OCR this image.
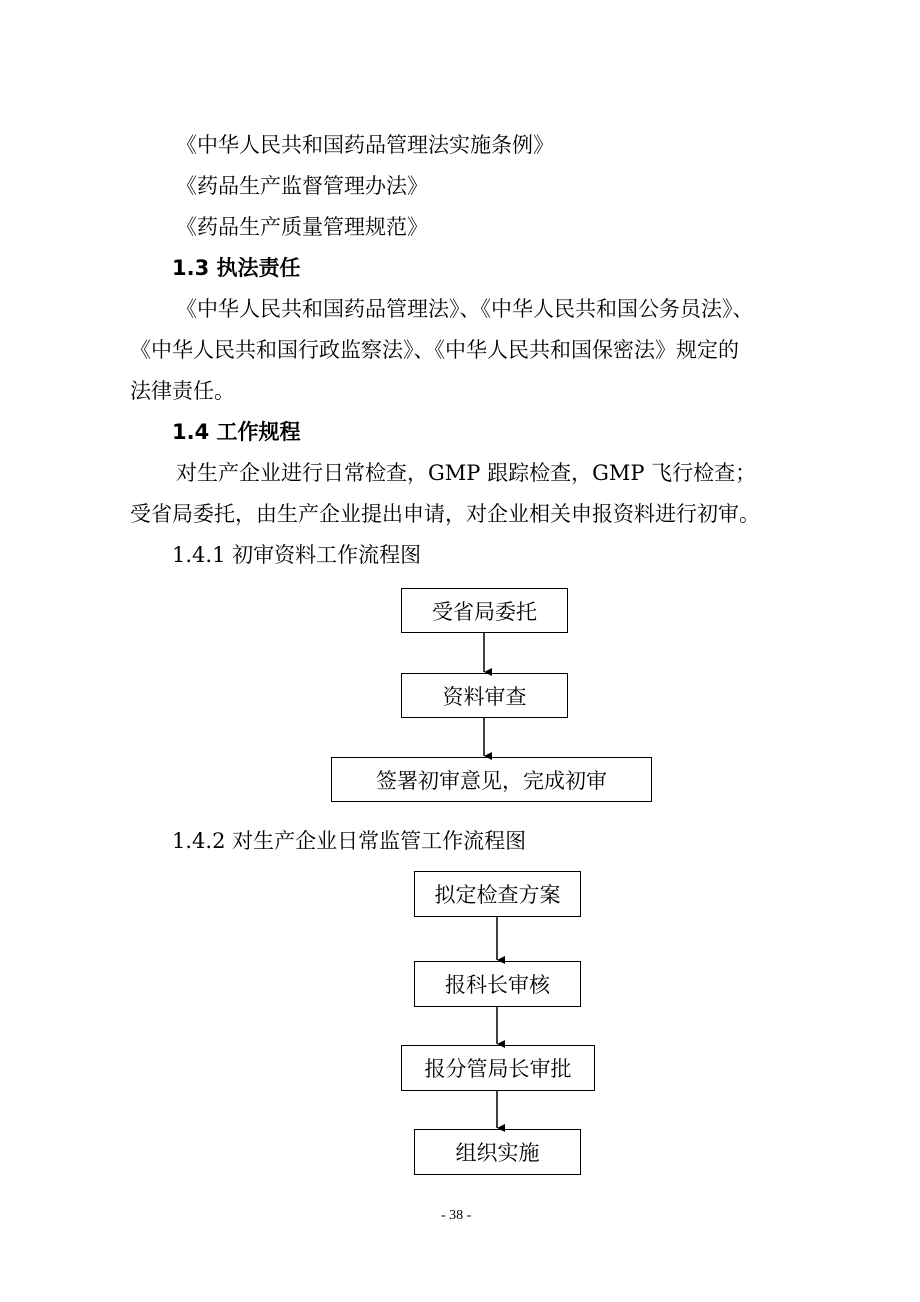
《中华人民共和国药品管理法实施条例》
《药品生产监督管理办法》
《药品生产质量管理规范》
1.3 执法责任
《中华人民共和国药品管理法》、《中华人民共和国公务员法》、
《中华人民共和国行政监察法》、《中华人民共和国保密法》规定的
法律责任。
1.4 工作规程
对生产企业进行日常检查，GMP 跟踪检查，GMP 飞行检查；
受省局委托，由生产企业提出申请，对企业相关申报资料进行初审。
1.4.1 初审资料工作流程图
受省局委托
资料审查
签署初审意见，完成初审
1.4.2 对生产企业日常监管工作流程图
拟定检查方案
报科长审核
报分管局长审批
组织实施
- 38 -
